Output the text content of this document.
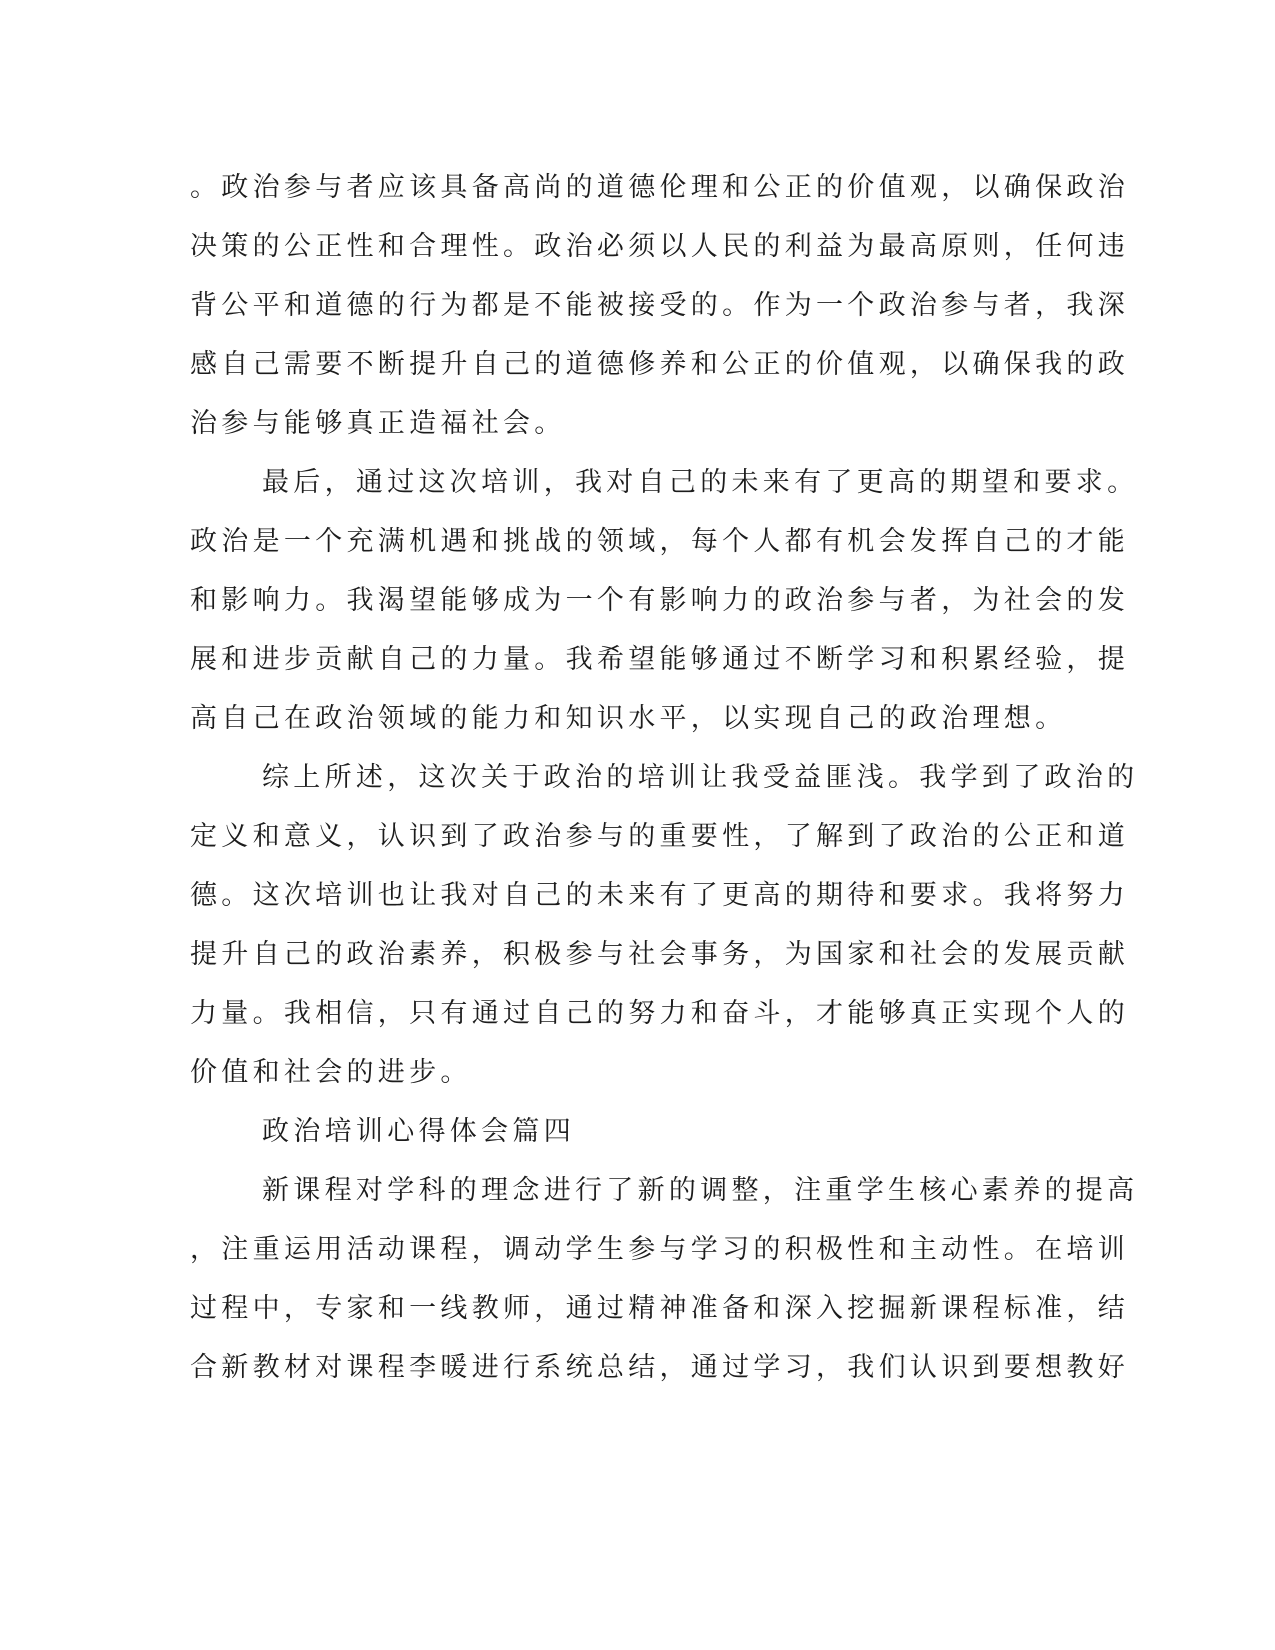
。政治参与者应该具备高尚的道德伦理和公正的价值观，以确保政治
决策的公正性和合理性。政治必须以人民的利益为最高原则，任何违
背公平和道德的行为都是不能被接受的。作为一个政治参与者，我深
感自己需要不断提升自己的道德修养和公正的价值观，以确保我的政
治参与能够真正造福社会。
最后，通过这次培训，我对自己的未来有了更高的期望和要求。
政治是一个充满机遇和挑战的领域，每个人都有机会发挥自己的才能
和影响力。我渴望能够成为一个有影响力的政治参与者，为社会的发
展和进步贡献自己的力量。我希望能够通过不断学习和积累经验，提
高自己在政治领域的能力和知识水平，以实现自己的政治理想。
综上所述，这次关于政治的培训让我受益匪浅。我学到了政治的
定义和意义，认识到了政治参与的重要性，了解到了政治的公正和道
德。这次培训也让我对自己的未来有了更高的期待和要求。我将努力
提升自己的政治素养，积极参与社会事务，为国家和社会的发展贡献
力量。我相信，只有通过自己的努力和奋斗，才能够真正实现个人的
价值和社会的进步。
政治培训心得体会篇四
新课程对学科的理念进行了新的调整，注重学生核心素养的提高
，注重运用活动课程，调动学生参与学习的积极性和主动性。在培训
过程中，专家和一线教师，通过精神准备和深入挖掘新课程标准，结
合新教材对课程李暖进行系统总结，通过学习，我们认识到要想教好
